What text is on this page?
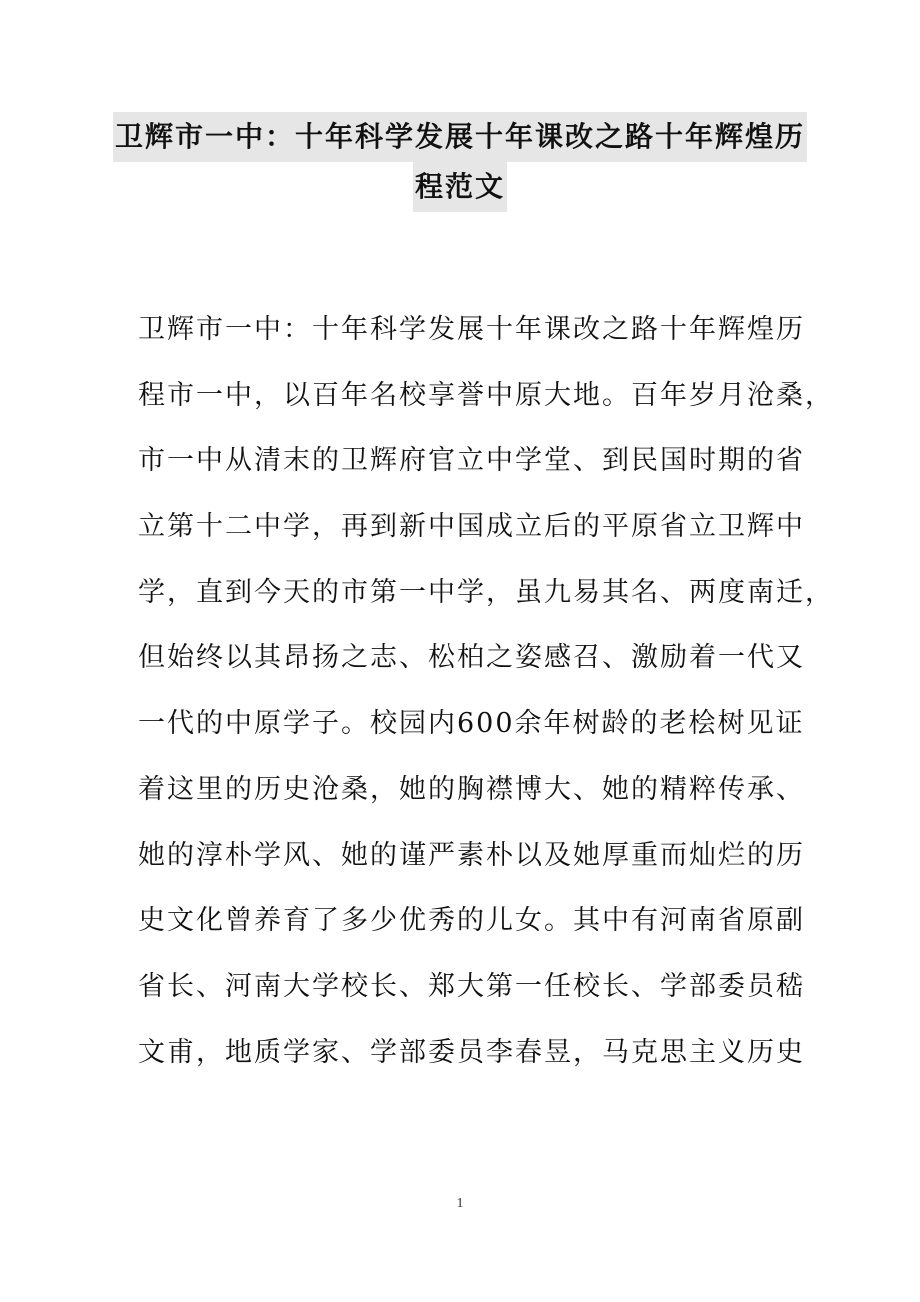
卫辉市一中：十年科学发展十年课改之路十年辉煌历
程范文
卫辉市一中：十年科学发展十年课改之路十年辉煌历
程市一中，以百年名校享誉中原大地。百年岁月沧桑，
市一中从清末的卫辉府官立中学堂、到民国时期的省
立第十二中学，再到新中国成立后的平原省立卫辉中
学，直到今天的市第一中学，虽九易其名、两度南迁，
但始终以其昂扬之志、松柏之姿感召、激励着一代又
一代的中原学子。校园内600余年树龄的老桧树见证
着这里的历史沧桑，她的胸襟博大、她的精粹传承、
她的淳朴学风、她的谨严素朴以及她厚重而灿烂的历
史文化曾养育了多少优秀的儿女。其中有河南省原副
省长、河南大学校长、郑大第一任校长、学部委员嵇
文甫，地质学家、学部委员李春昱，马克思主义历史
1
